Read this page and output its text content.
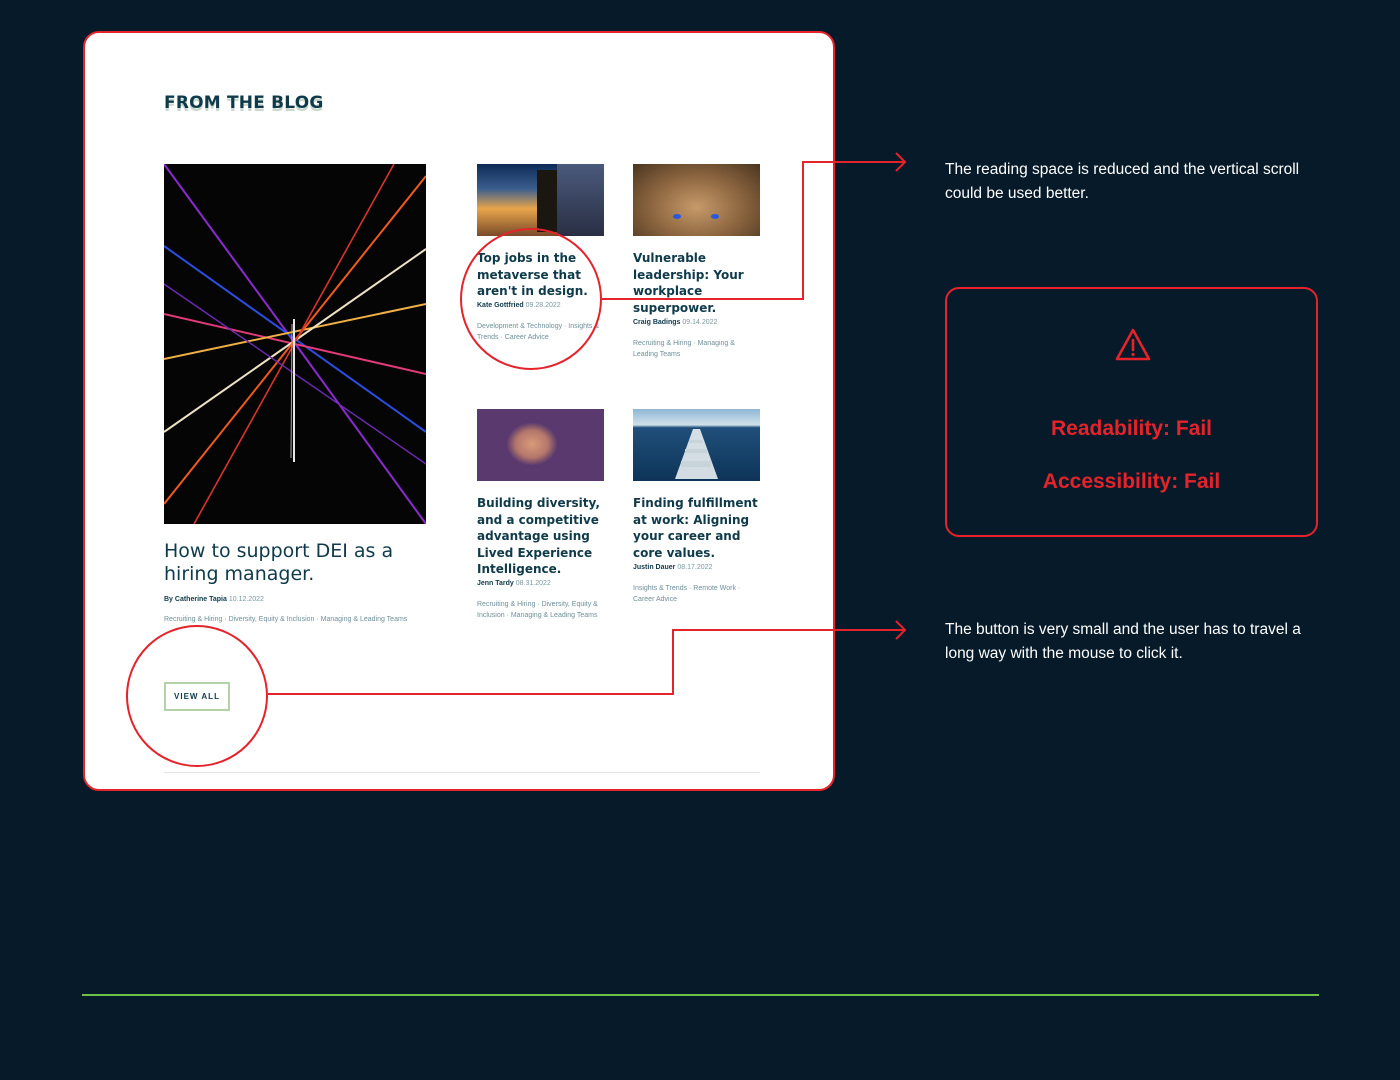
FROM THE BLOG
How to support DEI as a hiring manager.
By Catherine Tapia 10.12.2022
Recruiting & Hiring · Diversity, Equity & Inclusion · Managing & Leading Teams
Top jobs in the metaverse that aren't in design.
Kate Gottfried 09.28.2022
Development & Technology · Insights & Trends · Career Advice
Vulnerable leadership: Your workplace superpower.
Craig Badings 09.14.2022
Recruiting & Hiring · Managing & Leading Teams
Building diversity, and a competitive advantage using Lived Experience Intelligence.
Jenn Tardy 08.31.2022
Recruiting & Hiring · Diversity, Equity & Inclusion · Managing & Leading Teams
Finding fulfillment at work: Aligning your career and core values.
Justin Dauer 08.17.2022
Insights & Trends · Remote Work · Career Advice
VIEW ALL
The reading space is reduced and the vertical scroll could be used better.
The button is very small and the user has to travel a long way with the mouse to click it.
Readability: Fail
Accessibility: Fail
